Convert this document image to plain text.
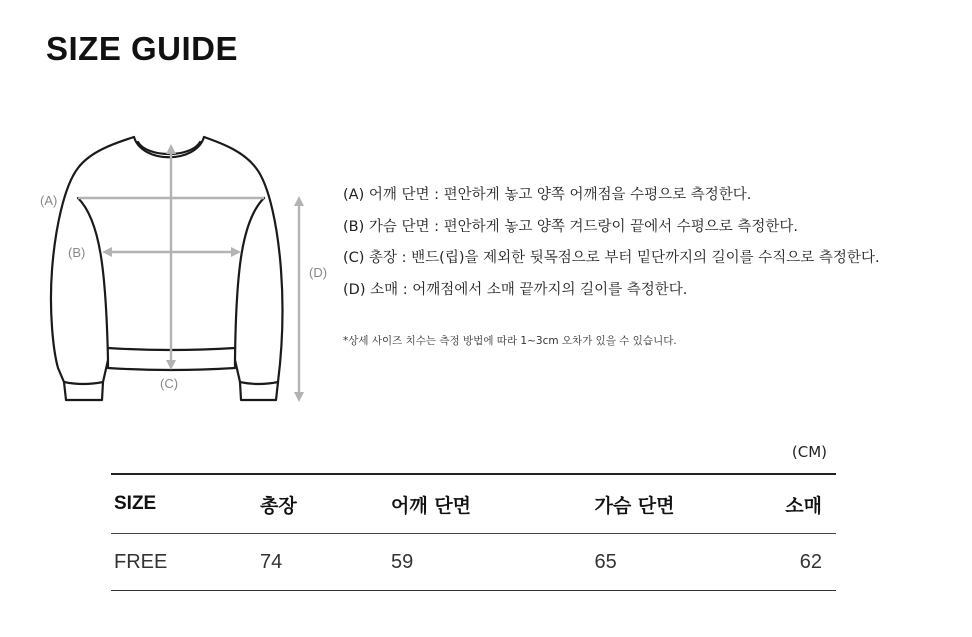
SIZE GUIDE
(A)
(B)
(C)
(D)
(A) 어깨 단면 : 편안하게 놓고 양쪽 어깨점을 수평으로 측정한다.
(B) 가슴 단면 : 편안하게 놓고 양쪽 겨드랑이 끝에서 수평으로 측정한다.
(C) 총장 : 밴드(립)을 제외한 뒷목점으로 부터 밑단까지의 길이를 수직으로 측정한다.
(D) 소매 : 어깨점에서 소매 끝까지의 길이를 측정한다.
*상세 사이즈 치수는 측정 방법에 따라 1~3cm 오차가 있을 수 있습니다.
(CM)
SIZE	총장	어깨 단면	가슴 단면	소매
FREE	74	59	65	62
